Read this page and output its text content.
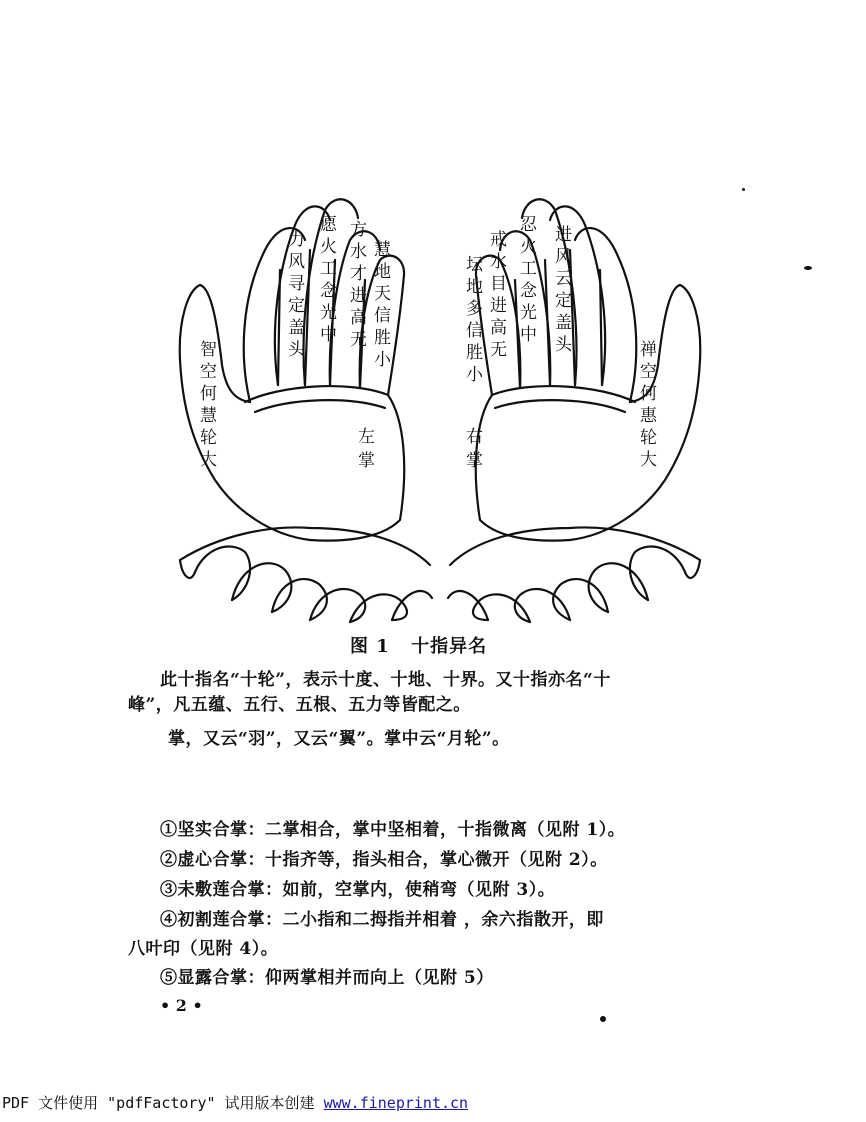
智
空
何
慧
轮
大
力
风
寻
定
盖
头
愿
火
工
念
光
中
方
水
才
进
高
无
慧
地
天
信
胜
小
坛
地
多
信
胜
小
戒
水
目
进
高
无
忍
火
工
念
光
中
进
风
云
定
盖
头	禅
空
何
惠
轮
大
左
掌
右
掌
图 1 十指异名
此十指名“十轮”，表示十度、十地、十界。又十指亦名“十
峰”，凡五蕴、五行、五根、五力等皆配之。
掌，又云“羽”，又云“翼”。掌中云“月轮”。
①坚实合掌：二掌相合，掌中坚相着，十指微离（见附 1）。
②虚心合掌：十指齐等，指头相合，掌心微开（见附 2）。
③未敷莲合掌：如前，空掌内，使稍弯（见附 3）。
④初割莲合掌：二小指和二拇指并相着 ，余六指散开，即
八叶印（见附 4）。
⑤显露合掌：仰两掌相并而向上（见附 5）
• 2 •
PDF 文件使用 "pdfFactory" 试用版本创建 www.fineprint.cn
